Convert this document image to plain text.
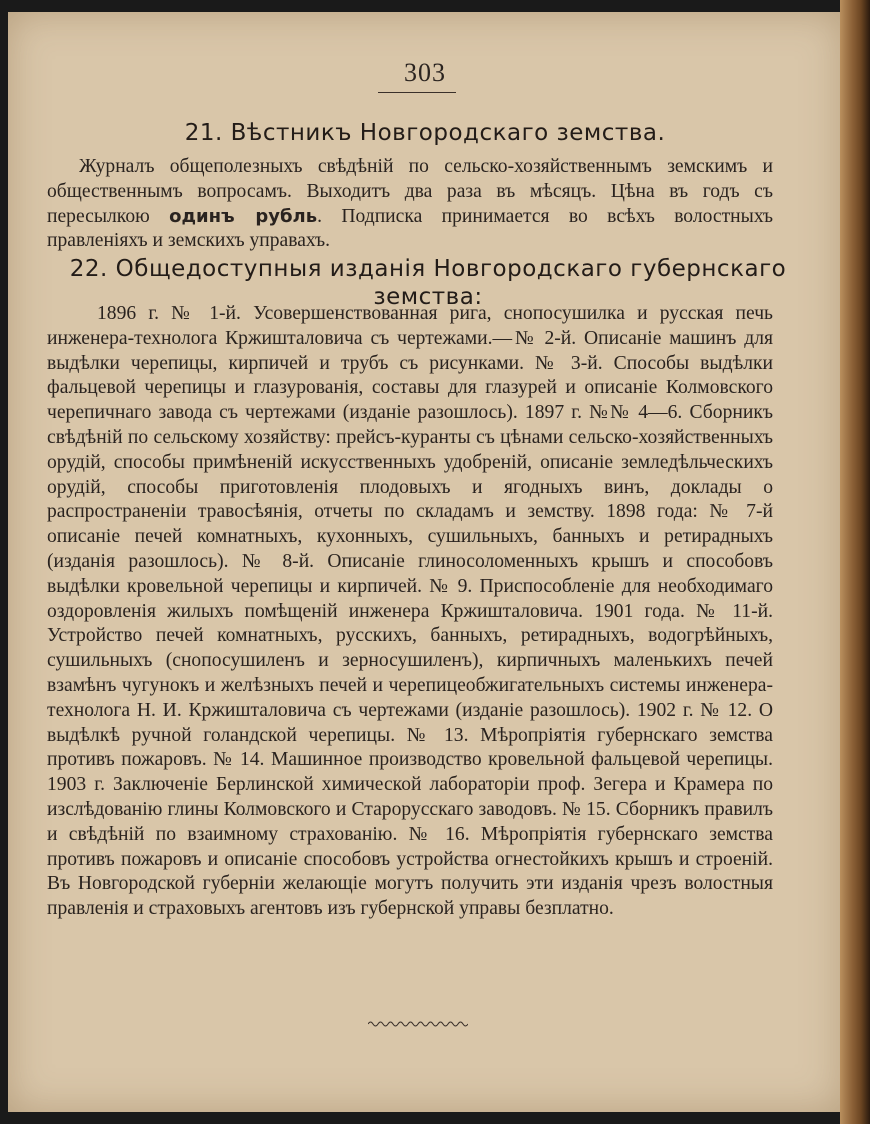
303
21. Вѣстникъ Новгородскаго земства.
Журналъ общеполезныхъ свѣдѣній по сельско-хозяйственнымъ земскимъ и общественнымъ вопросамъ. Выходитъ два раза въ мѣсяцъ. Цѣна въ годъ съ пересылкою одинъ рубль. Подписка принимается во всѣхъ волостныхъ правленіяхъ и земскихъ управахъ.
22. Общедоступныя изданія Новгородскаго губернскаго земства:
1896 г. № 1-й. Усовершенствованная рига, снопосушилка и русская печь инженера-технолога Кржишталовича съ чертежами.—№ 2-й. Описаніе машинъ для выдѣлки черепицы, кирпичей и трубъ съ рисунками. № 3-й. Способы выдѣлки фальцевой черепицы и глазурованія, составы для глазурей и описаніе Колмовского черепичнаго завода съ чертежами (изданіе разошлось). 1897 г. №№ 4—6. Сборникъ свѣдѣній по сельскому хозяйству: прейсъ-куранты съ цѣнами сельско-хозяйственныхъ орудій, способы примѣненій искусственныхъ удобреній, описаніе земледѣльческихъ орудій, способы приготовленія плодовыхъ и ягодныхъ винъ, доклады о распространеніи травосѣянія, отчеты по складамъ и земству. 1898 года: № 7-й описаніе печей комнатныхъ, кухонныхъ, сушильныхъ, банныхъ и ретирадныхъ (изданія разошлось). № 8-й. Описаніе глиносоломенныхъ крышъ и способовъ выдѣлки кровельной черепицы и кирпичей. № 9. Приспособленіе для необходимаго оздоровленія жилыхъ помѣщеній инженера Кржишталовича. 1901 года. № 11-й. Устройство печей комнатныхъ, русскихъ, банныхъ, ретирадныхъ, водогрѣйныхъ, сушильныхъ (снопосушиленъ и зерносушиленъ), кирпичныхъ маленькихъ печей взамѣнъ чугунокъ и желѣзныхъ печей и черепицеобжигательныхъ системы инженера-технолога Н. И. Кржишталовича съ чертежами (изданіе разошлось). 1902 г. № 12. О выдѣлкѣ ручной голандской черепицы. № 13. Мѣропріятія губернскаго земства противъ пожаровъ. № 14. Машинное производство кровельной фальцевой черепицы. 1903 г. Заключеніе Берлинской химической лабораторіи проф. Зегера и Крамера по изслѣдованію глины Колмовского и Старорусскаго заводовъ. № 15. Сборникъ правилъ и свѣдѣній по взаимному страхованію. № 16. Мѣропріятія губернскаго земства противъ пожаровъ и описаніе способовъ устройства огнестойкихъ крышъ и строеній. Въ Новгородской губерніи желающіе могутъ получить эти изданія чрезъ волостныя правленія и страховыхъ агентовъ изъ губернской управы безплатно.
